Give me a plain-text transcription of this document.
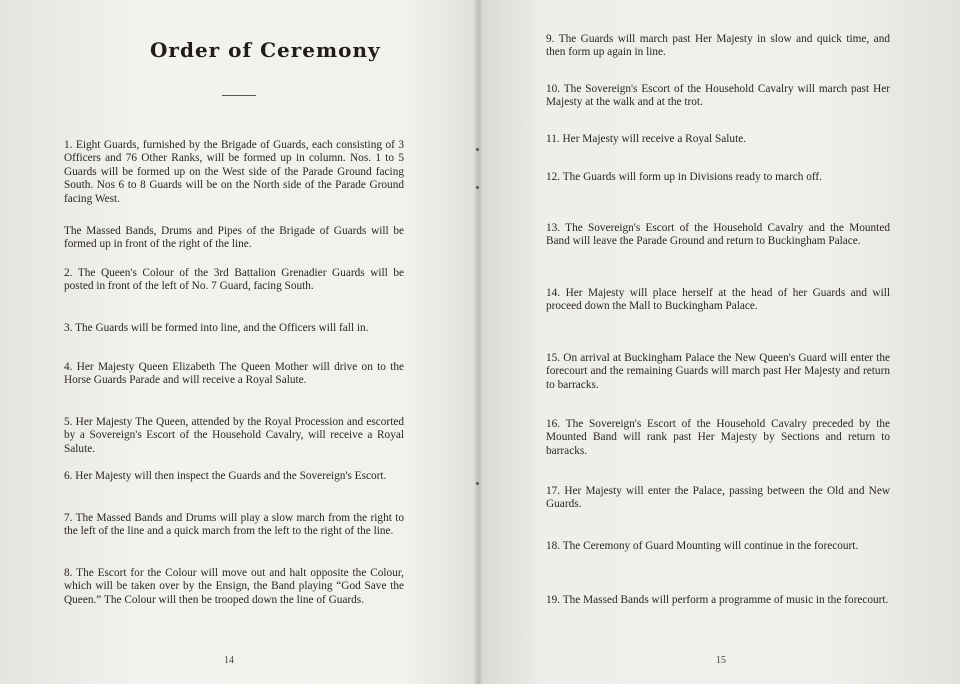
Order of Ceremony

1. Eight Guards, furnished by the Brigade of Guards, each consisting of 3 Officers and 76 Other Ranks, will be formed up in column. Nos. 1 to 5 Guards will be formed up on the West side of the Parade Ground facing South. Nos 6 to 8 Guards will be on the North side of the Parade Ground facing West.

The Massed Bands, Drums and Pipes of the Brigade of Guards will be formed up in front of the right of the line.

2. The Queen's Colour of the 3rd Battalion Grenadier Guards will be posted in front of the left of No. 7 Guard, facing South.

3. The Guards will be formed into line, and the Officers will fall in.

4. Her Majesty Queen Elizabeth The Queen Mother will drive on to the Horse Guards Parade and will receive a Royal Salute.

5. Her Majesty The Queen, attended by the Royal Procession and escorted by a Sovereign's Escort of the Household Cavalry, will receive a Royal Salute.

6. Her Majesty will then inspect the Guards and the Sovereign's Escort.

7. The Massed Bands and Drums will play a slow march from the right to the left of the line and a quick march from the left to the right of the line.

8. The Escort for the Colour will move out and halt opposite the Colour, which will be taken over by the Ensign, the Band playing “God Save the Queen.” The Colour will then be trooped down the line of Guards.

14

9. The Guards will march past Her Majesty in slow and quick time, and then form up again in line.

10. The Sovereign's Escort of the Household Cavalry will march past Her Majesty at the walk and at the trot.

11. Her Majesty will receive a Royal Salute.

12. The Guards will form up in Divisions ready to march off.

13. The Sovereign's Escort of the Household Cavalry and the Mounted Band will leave the Parade Ground and return to Buckingham Palace.

14. Her Majesty will place herself at the head of her Guards and will proceed down the Mall to Buckingham Palace.

15. On arrival at Buckingham Palace the New Queen's Guard will enter the forecourt and the remaining Guards will march past Her Majesty and return to barracks.

16. The Sovereign's Escort of the Household Cavalry preceded by the Mounted Band will rank past Her Majesty by Sections and return to barracks.

17. Her Majesty will enter the Palace, passing between the Old and New Guards.

18. The Ceremony of Guard Mounting will continue in the forecourt.

19. The Massed Bands will perform a programme of music in the forecourt.

15
